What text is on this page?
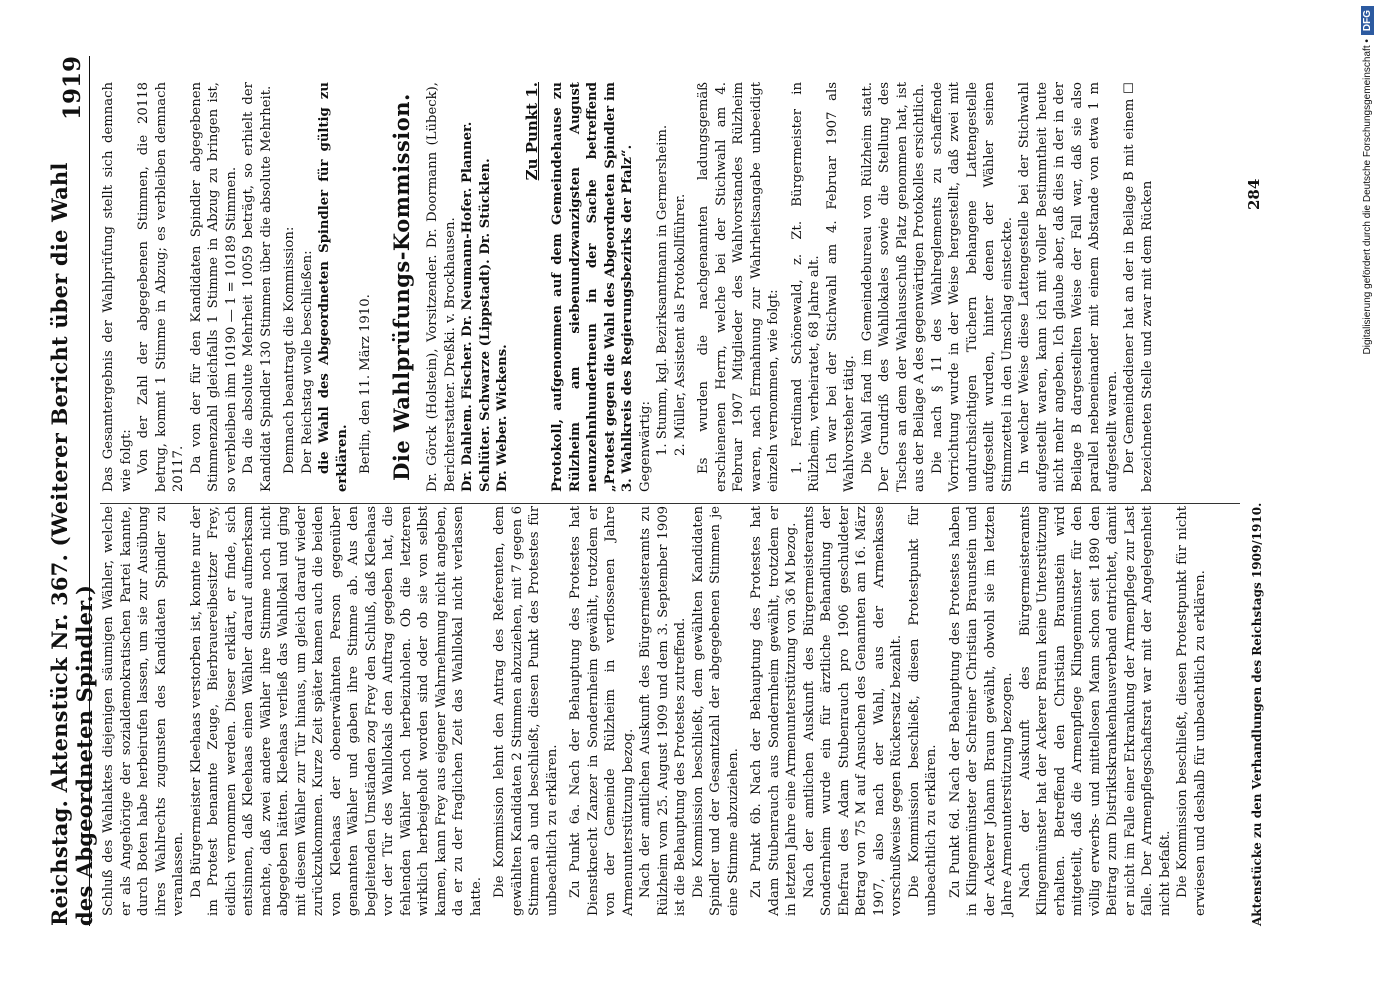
Reichstag. Aktenstück Nr. 367. (Weiterer Bericht über die Wahl des Abgeordneten Spindler.)
1919

Schluß des Wahlaktes diejenigen säumigen Wähler, welche er als Angehörige der sozialdemokratischen Partei kannte, durch Boten habe herbeirufen lassen, um sie zur Ausübung ihres Wahlrechts zugunsten des Kandidaten Spindler zu veranlassen. Da Bürgermeister Kleehaas verstorben ist, konnte nur der im Protest benannte Zeuge, Bierbrauereibesitzer Frey, eidlich vernommen werden. Dieser erklärt, er finde, sich entsinnen, daß Kleehaas einen Wähler darauf aufmerksam machte, daß zwei andere Wähler ihre Stimme noch nicht abgegeben hätten. Kleehaas verließ das Wahllokal und ging mit diesem Wähler zur Tür hinaus, um gleich darauf wieder zurückzukommen. Kurze Zeit später kamen auch die beiden von Kleehaas der obenerwähnten Person gegenüber genannten Wähler und gaben ihre Stimme ab. Aus den begleitenden Umständen zog Frey den Schluß, daß Kleehaas vor der Tür des Wahllokals den Auftrag gegeben hat, die fehlenden Wähler noch herbeizuholen. Ob die letzteren wirklich herbeigeholt worden sind oder ob sie von selbst kamen, kann Frey aus eigener Wahrnehmung nicht angeben, da er zu der fraglichen Zeit das Wahllokal nicht verlassen hatte. Die Kommission lehnt den Antrag des Referenten, dem gewählten Kandidaten 2 Stimmen abzuziehen, mit 7 gegen 6 Stimmen ab und beschließt, diesen Punkt des Protestes für unbeachtlich zu erklären. Zu Punkt 6a. Nach der Behauptung des Protestes hat Dienstknecht Zanzer in Sondernheim gewählt, trotzdem er von der Gemeinde Rülzheim in verflossenen Jahre Armenunterstützung bezog. Nach der amtlichen Auskunft des Bürgermeisteramts zu Rülzheim vom 25. August 1909 und dem 3. September 1909 ist die Behauptung des Protestes zutreffend. Die Kommission beschließt, dem gewählten Kandidaten Spindler und der Gesamtzahl der abgegebenen Stimmen je eine Stimme abzuziehen. Zu Punkt 6b. Nach der Behauptung des Protestes hat Adam Stubenrauch aus Sondernheim gewählt, trotzdem er in letzten Jahre eine Armenunterstützung von 36 M bezog. Nach der amtlichen Auskunft des Bürgermeisteramts Sondernheim wurde ein für ärztliche Behandlung der Ehefrau des Adam Stubenrauch pro 1906 geschuldeter Betrag von 75 M auf Ansuchen des Genannten am 16. März 1907, also nach der Wahl, aus der Armenkasse vorschußweise gegen Rückersatz bezahlt. Die Kommission beschließt, diesen Protestpunkt für unbeachtlich zu erklären. Zu Punkt 6d. Nach der Behauptung des Protestes haben in Klingenmünster der Schreiner Christian Braunstein und der Ackerer Johann Braun gewählt, obwohl sie im letzten Jahre Armenunterstützung bezogen. Nach der Auskunft des Bürgermeisteramts Klingenmünster hat der Ackerer Braun keine Unterstützung erhalten. Betreffend den Christian Braunstein wird mitgeteilt, daß die Armenpflege Klingenmünster für den völlig erwerbs- und mittellosen Mann schon seit 1890 den Beitrag zum Distriktskrankenhausverband entrichtet, damit er nicht im Falle einer Erkrankung der Armenpflege zur Last falle. Der Armenpflegschaftsrat war mit der Angelegenheit nicht befaßt. Die Kommission beschließt, diesen Protestpunkt für nicht erwiesen und deshalb für unbeachtlich zu erklären.

Das Gesamtergebnis der Wahlprüfung stellt sich demnach wie folgt: Von der Zahl der abgegebenen Stimmen, die 20118 betrug, kommt 1 Stimme in Abzug; es verbleiben demnach 20117. Da von der für den Kandidaten Spindler abgegebenen Stimmenzahl gleichfalls 1 Stimme in Abzug zu bringen ist, so verbleiben ihm 10190 — 1 = 10189 Stimmen. Da die absolute Mehrheit 10059 beträgt, so erhielt der Kandidat Spindler 130 Stimmen über die absolute Mehrheit. Demnach beantragt die Kommission: Der Reichstag wolle beschließen: die Wahl des Abgeordneten Spindler für gültig zu erklären. Berlin, den 11. März 1910. Die Wahlprüfungs-Kommission. Dr. Görck (Holstein), Vorsitzender. Dr. Doormann (Lübeck), Berichterstatter. Dreßki. v. Brockhausen. Dr. Dahlem. Fischer. Dr. Neumann-Hofer. Planner. Schlüter. Schwarze (Lippstadt). Dr. Stücklen. Dr. Weber. Wickens.
Zu Punkt 1. Protokoll, aufgenommen auf dem Gemeindehause zu Rülzheim am siebenundzwanzigsten August neunzehnhundertneun in der Sache betreffend „Protest gegen die Wahl des Abgeordneten Spindler im 3. Wahlkreis des Regierungsbezirks der Pfalz“. Gegenwärtig: 1. Stumm, kgl. Bezirksamtmann in Germersheim. 2. Müller, Assistent als Protokollführer. Es wurden die nachgenannten ladungsgemäß erschienenen Herrn, welche bei der Stichwahl am 4. Februar 1907 Mitglieder des Wahlvorstandes Rülzheim waren, nach Ermahnung zur Wahrheitsangabe unbeeidigt einzeln vernommen, wie folgt: 1. Ferdinand Schönewald, z. Zt. Bürgermeister in Rülzheim, verheiratet, 68 Jahre alt. Ich war bei der Stichwahl am 4. Februar 1907 als Wahlvorsteher tätig. Die Wahl fand im Gemeindebureau von Rülzheim statt. Der Grundriß des Wahllokales sowie die Stellung des Tisches an dem der Wahlausschuß Platz genommen hat, ist aus der Beilage A des gegenwärtigen Protokolles ersichtlich. Die nach § 11 des Wahlreglements zu schaffende Vorrichtung wurde in der Weise hergestellt, daß zwei mit undurchsichtigen Tüchern behangene Lattengestelle aufgestellt wurden, hinter denen der Wähler seinen Stimmzettel in den Umschlag einsteckte. In welcher Weise diese Lattengestelle bei der Stichwahl aufgestellt waren, kann ich mit voller Bestimmtheit heute nicht mehr angeben. Ich glaube aber, daß dies in der in der Beilage B dargestellten Weise der Fall war, daß sie also parallel nebeneinander mit einem Abstande von etwa 1 m aufgestellt waren. Der Gemeindediener hat an der in Beilage B mit einem ☐ bezeichneten Stelle und zwar mit dem Rücken

Aktenstücke zu den Verhandlungen des Reichstags 1909/1910.
284	Digitalisierung gefördert durch die Deutsche Forschungsgemeinschaft •
DFG
